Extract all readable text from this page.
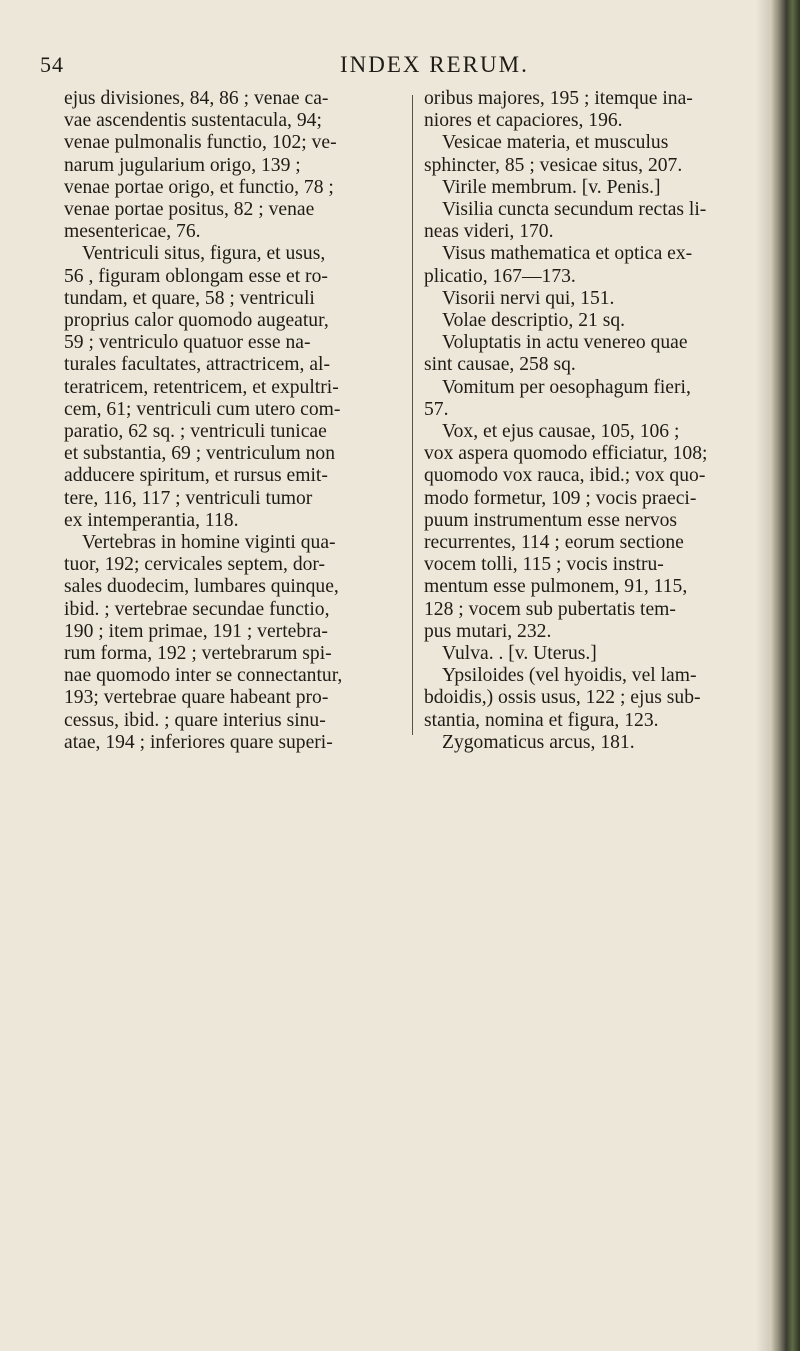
54	INDEX RERUM.
ejus divisiones, 84, 86 ; venae ca-
vae ascendentis sustentacula, 94;
venae pulmonalis functio, 102; ve-
narum jugularium origo, 139 ;
venae portae origo, et functio, 78 ;
venae portae positus, 82 ; venae
mesentericae, 76.
Ventriculi situs, figura, et usus,
56 , figuram oblongam esse et ro-
tundam, et quare, 58 ; ventriculi
proprius calor quomodo augeatur,
59 ; ventriculo quatuor esse na-
turales facultates, attractricem, al-
teratricem, retentricem, et expultri-
cem, 61; ventriculi cum utero com-
paratio, 62 sq. ; ventriculi tunicae
et substantia, 69 ; ventriculum non
adducere spiritum, et rursus emit-
tere, 116, 117 ; ventriculi tumor
ex intemperantia, 118.
Vertebras in homine viginti qua-
tuor, 192; cervicales septem, dor-
sales duodecim, lumbares quinque,
ibid. ; vertebrae secundae functio,
190 ; item primae, 191 ; vertebra-
rum forma, 192 ; vertebrarum spi-
nae quomodo inter se connectantur,
193; vertebrae quare habeant pro-
cessus, ibid. ; quare interius sinu-
atae, 194 ; inferiores quare superi-
oribus majores, 195 ; itemque ina-
niores et capaciores, 196.
Vesicae materia, et musculus
sphincter, 85 ; vesicae situs, 207.
Virile membrum. [v. Penis.]
Visilia cuncta secundum rectas li-
neas videri, 170.
Visus mathematica et optica ex-
plicatio, 167—173.
Visorii nervi qui, 151.
Volae descriptio, 21 sq.
Voluptatis in actu venereo quae
sint causae, 258 sq.
Vomitum per oesophagum fieri,
57.
Vox, et ejus causae, 105, 106 ;
vox aspera quomodo efficiatur, 108;
quomodo vox rauca, ibid.; vox quo-
modo formetur, 109 ; vocis praeci-
puum instrumentum esse nervos
recurrentes, 114 ; eorum sectione
vocem tolli, 115 ; vocis instru-
mentum esse pulmonem, 91, 115,
128 ; vocem sub pubertatis tem-
pus mutari, 232.
Vulva. . [v. Uterus.]
Ypsiloides (vel hyoidis, vel lam-
bdoidis,) ossis usus, 122 ; ejus sub-
stantia, nomina et figura, 123.
Zygomaticus arcus, 181.
